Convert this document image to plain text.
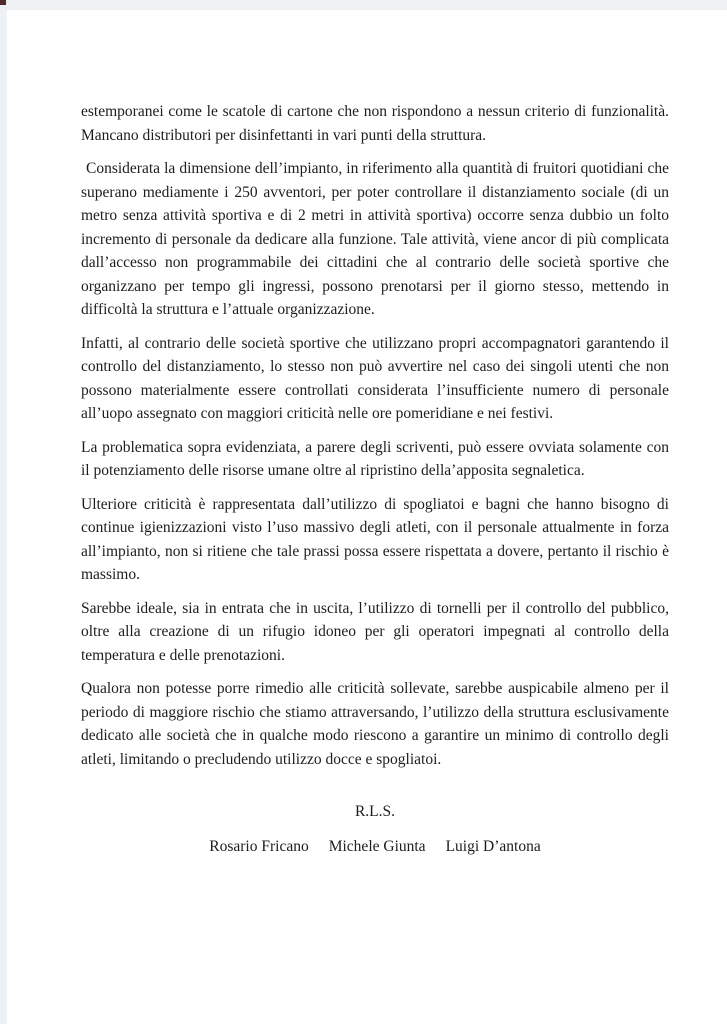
estemporanei come le scatole di cartone che non rispondono a nessun criterio di funzionalità. Mancano distributori per disinfettanti in vari punti della struttura.

Considerata la dimensione dell’impianto, in riferimento alla quantità di fruitori quotidiani che superano mediamente i 250 avventori, per poter controllare il distanziamento sociale (di un metro senza attività sportiva e di 2 metri in attività sportiva) occorre senza dubbio un folto incremento di personale da dedicare alla funzione. Tale attività, viene ancor di più complicata dall’accesso non programmabile dei cittadini che al contrario delle società sportive che organizzano per tempo gli ingressi, possono prenotarsi per il giorno stesso, mettendo in difficoltà la struttura e l’attuale organizzazione.

Infatti, al contrario delle società sportive che utilizzano propri accompagnatori garantendo il controllo del distanziamento, lo stesso non può avvertire nel caso dei singoli utenti che non possono materialmente essere controllati considerata l’insufficiente numero di personale all’uopo assegnato con maggiori criticità nelle ore pomeridiane e nei festivi.

La problematica sopra evidenziata, a parere degli scriventi, può essere ovviata solamente con il potenziamento delle risorse umane oltre al ripristino della’apposita segnaletica.

Ulteriore criticità è rappresentata dall’utilizzo di spogliatoi e bagni che hanno bisogno di continue igienizzazioni visto l’uso massivo degli atleti, con il personale attualmente in forza all’impianto, non si ritiene che tale prassi possa essere rispettata a dovere, pertanto il rischio è massimo.

Sarebbe ideale, sia in entrata che in uscita, l’utilizzo di tornelli per il controllo del pubblico, oltre alla creazione di un rifugio idoneo per gli operatori impegnati al controllo della temperatura e delle prenotazioni.

Qualora non potesse porre rimedio alle criticità sollevate, sarebbe auspicabile almeno per il periodo di maggiore rischio che stiamo attraversando, l’utilizzo della struttura esclusivamente dedicato alle società che in qualche modo riescono a garantire un minimo di controllo degli atleti, limitando o precludendo utilizzo docce e spogliatoi.

R.L.S.
Rosario Fricano Michele Giunta Luigi D’antona
